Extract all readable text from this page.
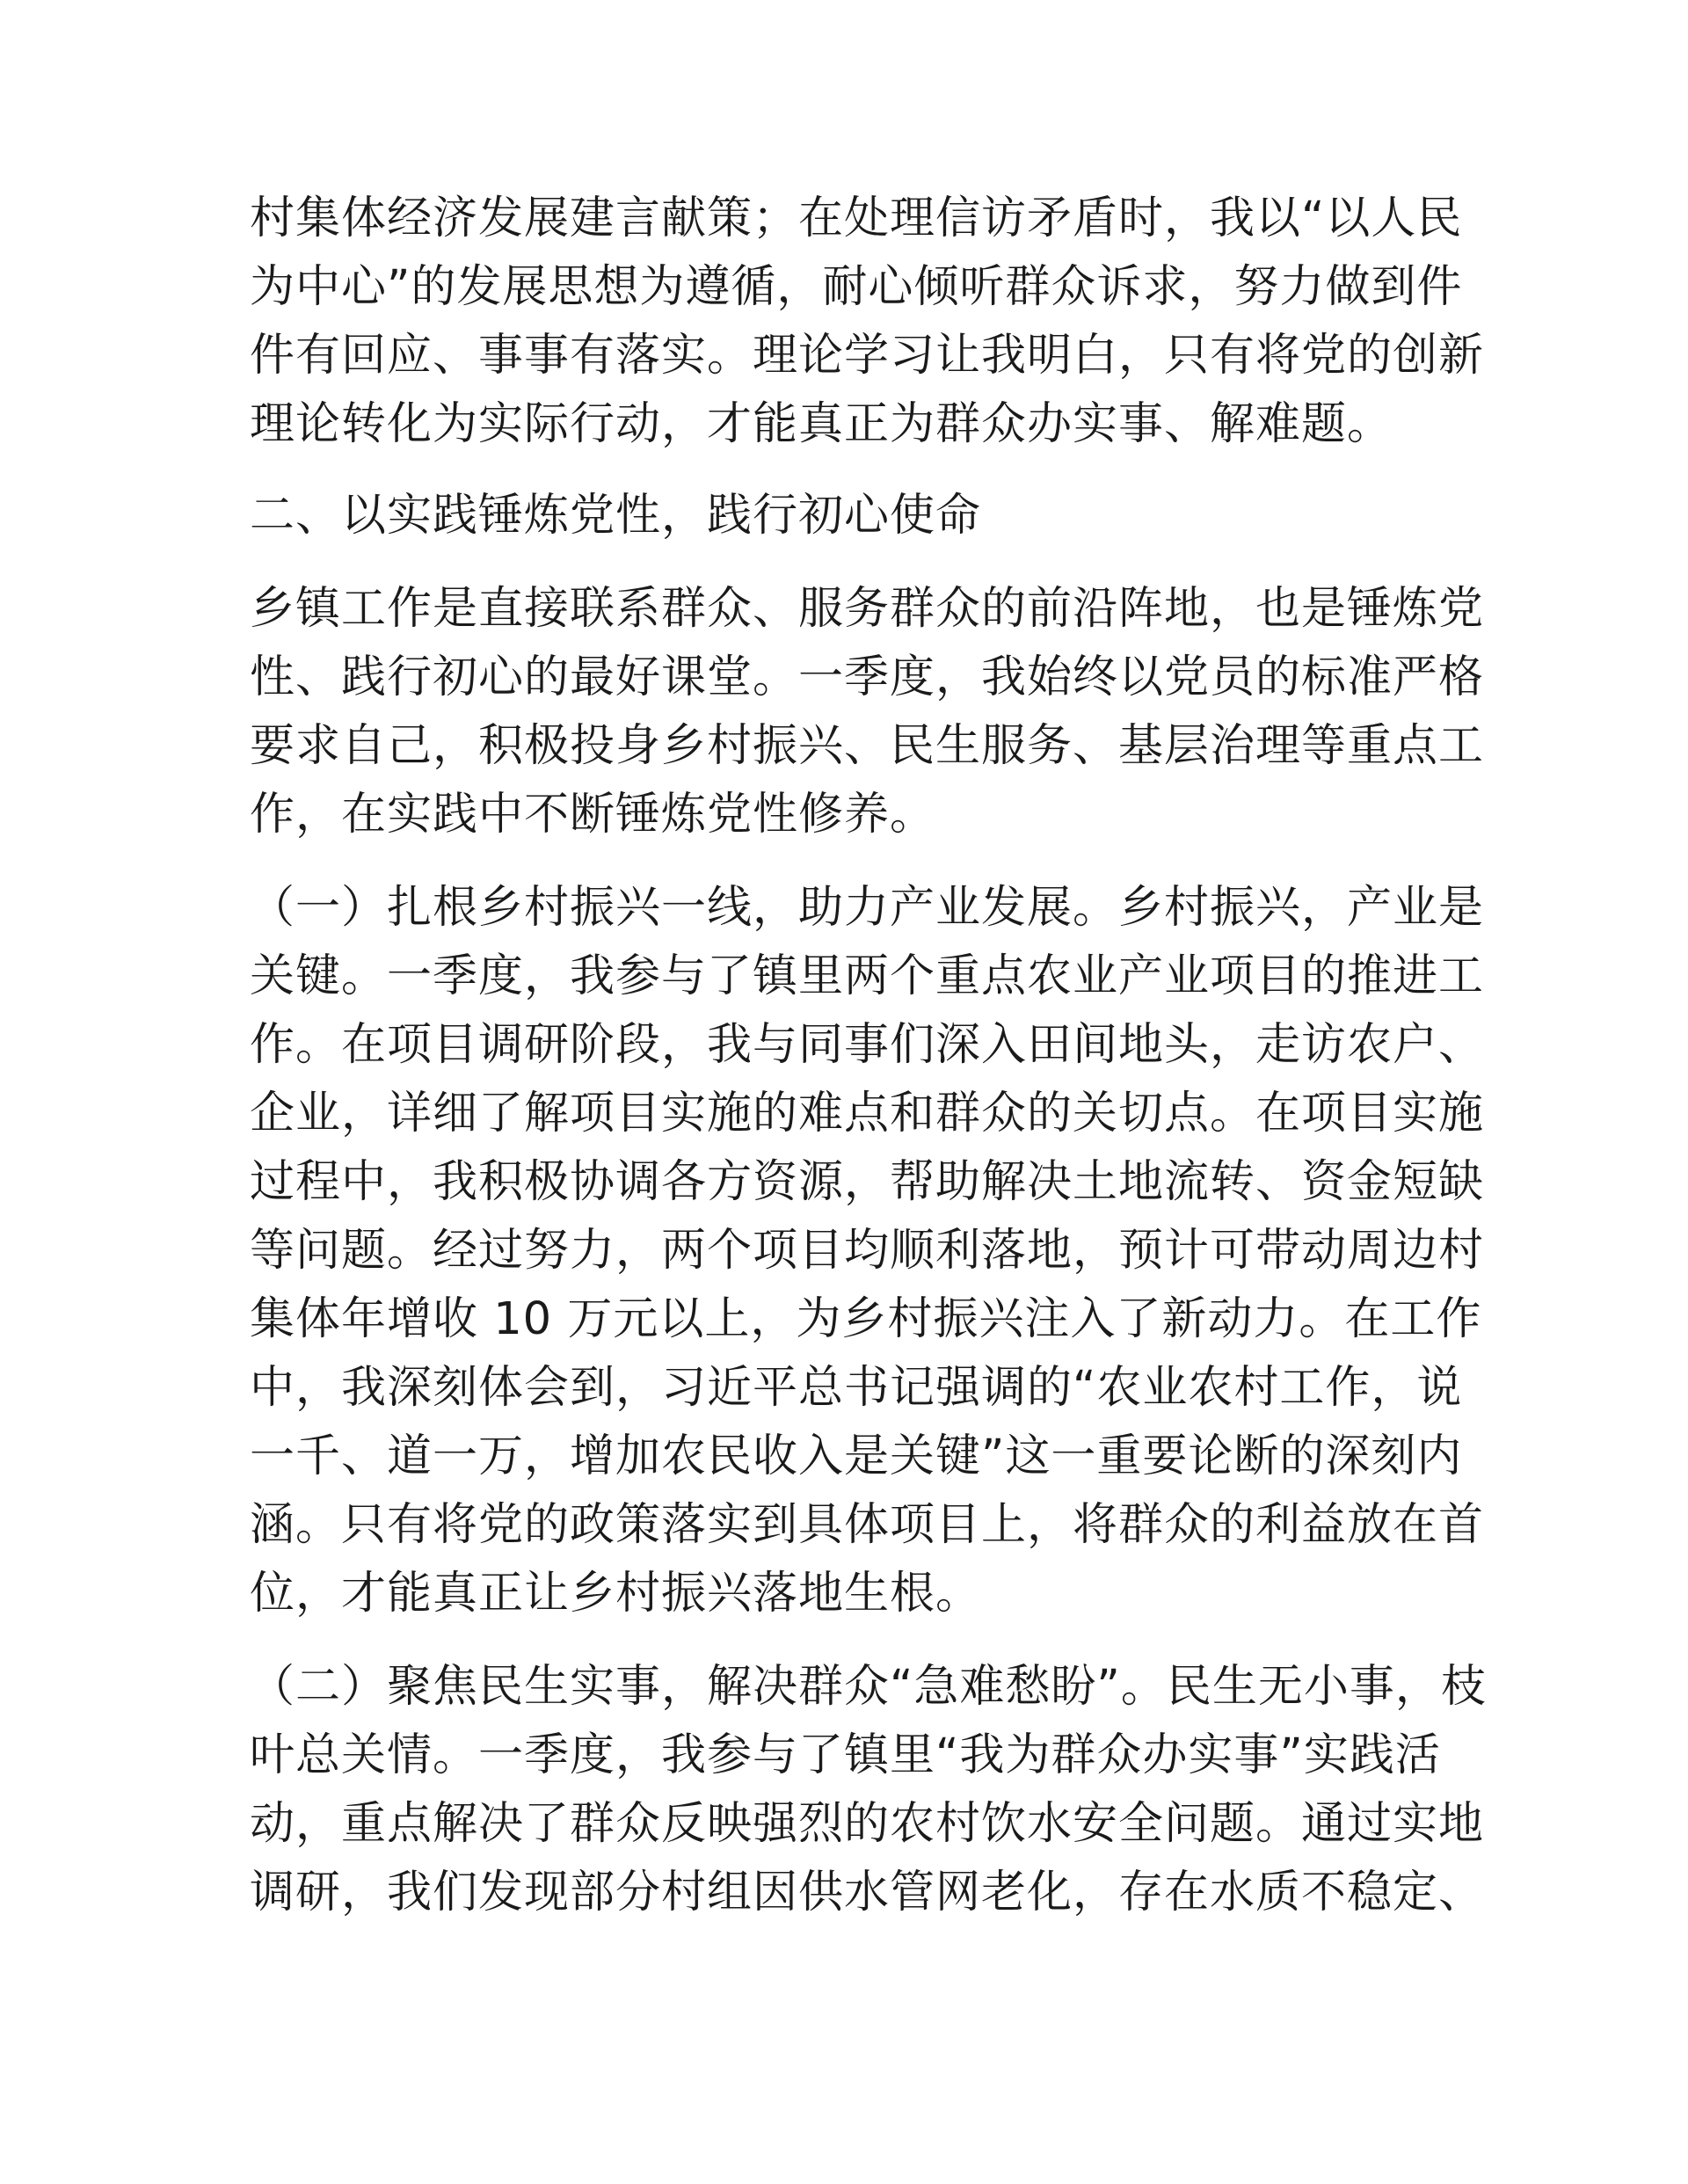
村集体经济发展建言献策；在处理信访矛盾时，我以“以人民
为中心”的发展思想为遵循，耐心倾听群众诉求，努力做到件
件有回应、事事有落实。理论学习让我明白，只有将党的创新
理论转化为实际行动，才能真正为群众办实事、解难题。
二、以实践锤炼党性，践行初心使命
乡镇工作是直接联系群众、服务群众的前沿阵地，也是锤炼党
性、践行初心的最好课堂。一季度，我始终以党员的标准严格
要求自己，积极投身乡村振兴、民生服务、基层治理等重点工
作，在实践中不断锤炼党性修养。
（一）扎根乡村振兴一线，助力产业发展。乡村振兴，产业是
关键。一季度，我参与了镇里两个重点农业产业项目的推进工
作。在项目调研阶段，我与同事们深入田间地头，走访农户、
企业，详细了解项目实施的难点和群众的关切点。在项目实施
过程中，我积极协调各方资源，帮助解决土地流转、资金短缺
等问题。经过努力，两个项目均顺利落地，预计可带动周边村
集体年增收 10 万元以上，为乡村振兴注入了新动力。在工作
中，我深刻体会到，习近平总书记强调的“农业农村工作，说
一千、道一万，增加农民收入是关键”这一重要论断的深刻内
涵。只有将党的政策落实到具体项目上，将群众的利益放在首
位，才能真正让乡村振兴落地生根。
（二）聚焦民生实事，解决群众“急难愁盼”。民生无小事，枝
叶总关情。一季度，我参与了镇里“我为群众办实事”实践活
动，重点解决了群众反映强烈的农村饮水安全问题。通过实地
调研，我们发现部分村组因供水管网老化，存在水质不稳定、
